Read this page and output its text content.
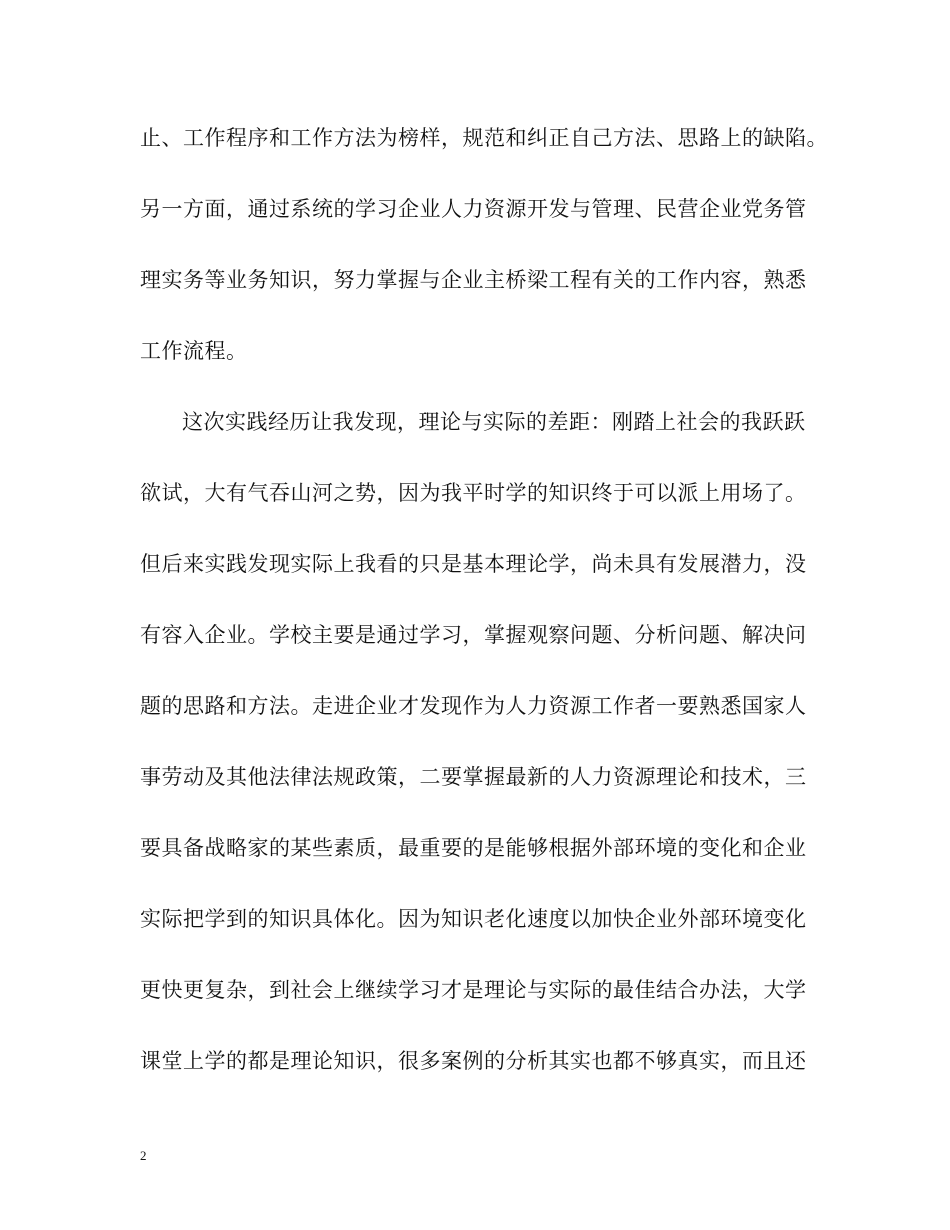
止、工作程序和工作方法为榜样，规范和纠正自己方法、思路上的缺陷。
另一方面，通过系统的学习企业人力资源开发与管理、民营企业党务管
理实务等业务知识，努力掌握与企业主桥梁工程有关的工作内容，熟悉
工作流程。
这次实践经历让我发现，理论与实际的差距：刚踏上社会的我跃跃
欲试，大有气吞山河之势，因为我平时学的知识终于可以派上用场了。
但后来实践发现实际上我看的只是基本理论学，尚未具有发展潜力，没
有容入企业。学校主要是通过学习，掌握观察问题、分析问题、解决问
题的思路和方法。走进企业才发现作为人力资源工作者一要熟悉国家人
事劳动及其他法律法规政策，二要掌握最新的人力资源理论和技术，三
要具备战略家的某些素质，最重要的是能够根据外部环境的变化和企业
实际把学到的知识具体化。因为知识老化速度以加快企业外部环境变化
更快更复杂，到社会上继续学习才是理论与实际的最佳结合办法，大学
课堂上学的都是理论知识，很多案例的分析其实也都不够真实，而且还
2
